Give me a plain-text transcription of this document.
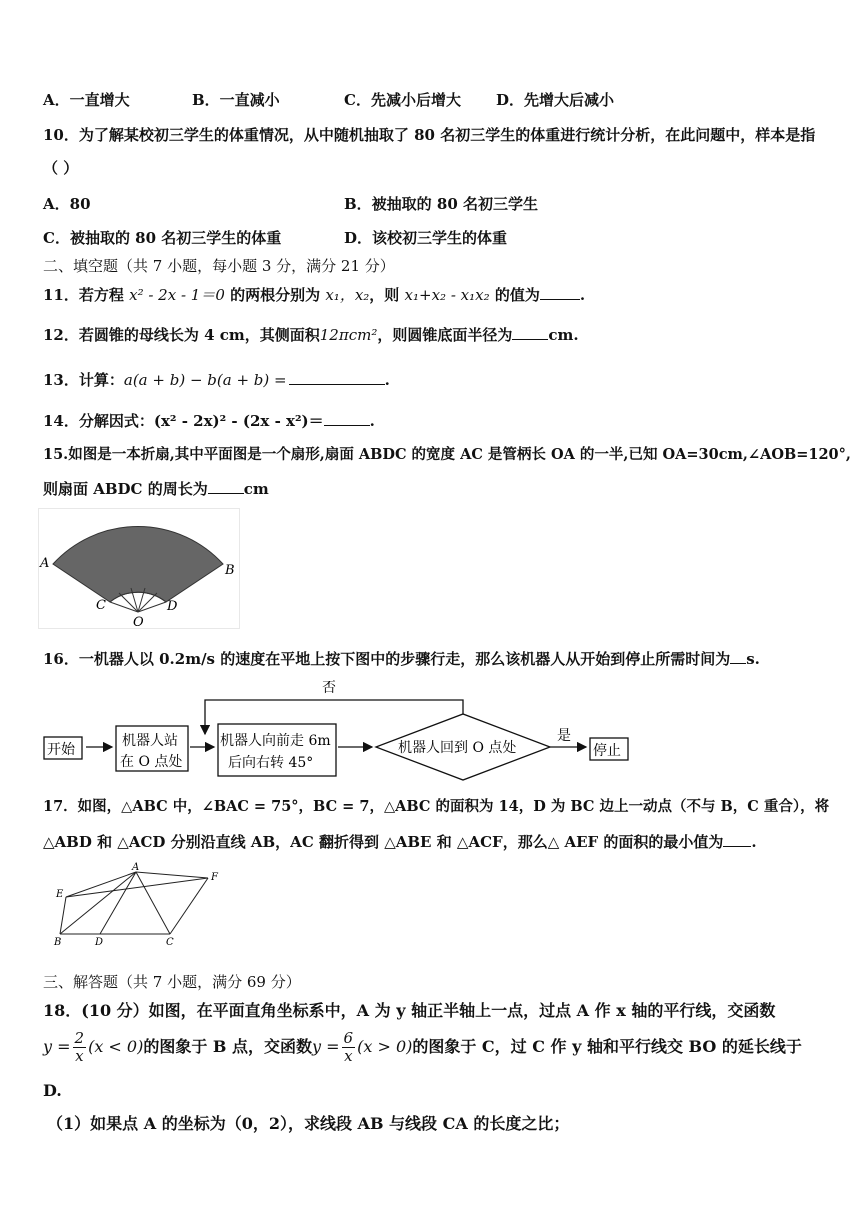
A．一直增大	B．一直减小	C．先减小后增大 D．先增大后减小
10．为了解某校初三学生的体重情况，从中随机抽取了 80 名初三学生的体重进行统计分析，在此问题中，样本是指
（ ）
A．80	B．被抽取的 80 名初三学生
C．被抽取的 80 名初三学生的体重	D．该校初三学生的体重
二、填空题（共 7 小题，每小题 3 分，满分 21 分）
11．若方程 x² - 2x - 1＝0 的两根分别为 x₁，x₂，则 x₁+x₂ - x₁x₂ 的值为	.
12．若圆锥的母线长为 4 cm，其侧面积12πcm²，则圆锥底面半径为 cm.
13．计算：a(a + b) − b(a + b) =	.
14．分解因式：(x² - 2x)² - (2x - x²)＝	.
15.如图是一本折扇,其中平面图是一个扇形,扇面 ABDC 的宽度 AC 是管柄长 OA 的一半,已知 OA=30cm,∠AOB=120°,
则扇面 ABDC 的周长为 cm
A	B
C	D
O
16．一机器人以 0.2m/s 的速度在平地上按下图中的步骤行走，那么该机器人从开始到停止所需时间为 s.
否
开始
机器人站
在 O 点处
机器人向前走 6m
后向右转 45°
机器人回到 O 点处
是
停止
17．如图，△ABC 中，∠BAC = 75°，BC = 7，△ABC 的面积为 14，D 为 BC 边上一动点（不与 B，C 重合），将
△ABD 和 △ACD 分别沿直线 AB，AC 翻折得到 △ABE 和 △ACF，那么△ AEF 的面积的最小值为 .
A
B	C
D
E
F
三、解答题（共 7 小题，满分 69 分）
18．(10 分）如图，在平面直角坐标系中，A 为 y 轴正半轴上一点，过点 A 作 x 轴的平行线，交函数
$y = \frac{2}{x} (x < 0)$的图象于 B 点，交函数$y = \frac{6}{x} (x > 0)$的图象于 C，过 C 作 y 轴和平行线交 BO 的延长线于
D.
（1）如果点 A 的坐标为（0，2），求线段 AB 与线段 CA 的长度之比；
